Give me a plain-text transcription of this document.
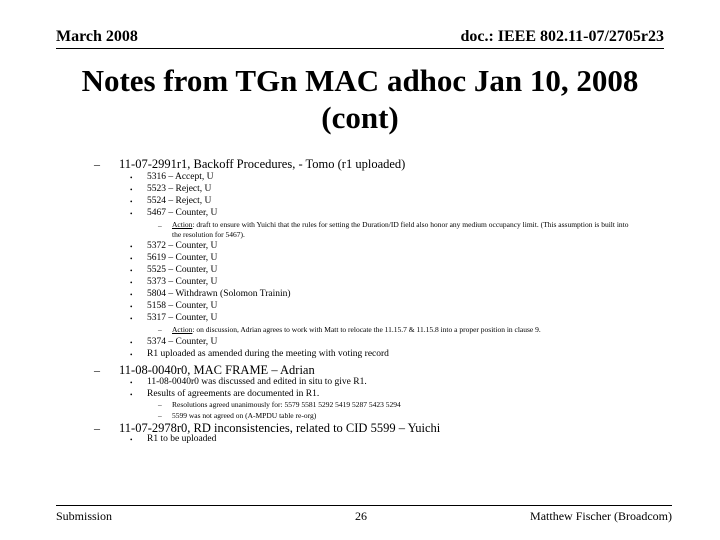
March 2008	doc.: IEEE 802.11-07/2705r23
Notes from TGn MAC adhoc Jan 10, 2008
(cont)
– 11-07-2991r1, Backoff Procedures, - Tomo (r1 uploaded)
• 5316 – Accept, U
• 5523 – Reject, U
• 5524 – Reject, U
• 5467 – Counter, U
– Action: draft to ensure with Yuichi that the rules for setting the Duration/ID field also honor any medium occupancy limit. (This assumption is built into the resolution for 5467).
• 5372 – Counter, U
• 5619 – Counter, U
• 5525 – Counter, U
• 5373 – Counter, U
• 5804 – Withdrawn (Solomon Trainin)
• 5158 – Counter, U
• 5317 – Counter, U
– Action: on discussion, Adrian agrees to work with Matt to relocate the 11.15.7 & 11.15.8 into a proper position in clause 9.
• 5374 – Counter, U
• R1 uploaded as amended during the meeting with voting record
– 11-08-0040r0, MAC FRAME – Adrian
• 11-08-0040r0 was discussed and edited in situ to give R1.
• Results of agreements are documented in R1.
– Resolutions agreed unanimously for: 5579 5581 5292 5419 5287 5423 5294
– 5599 was not agreed on (A-MPDU table re-org)
– 11-07-2978r0, RD inconsistencies, related to CID 5599 – Yuichi
• R1 to be uploaded
Submission	26	Matthew Fischer (Broadcom)
